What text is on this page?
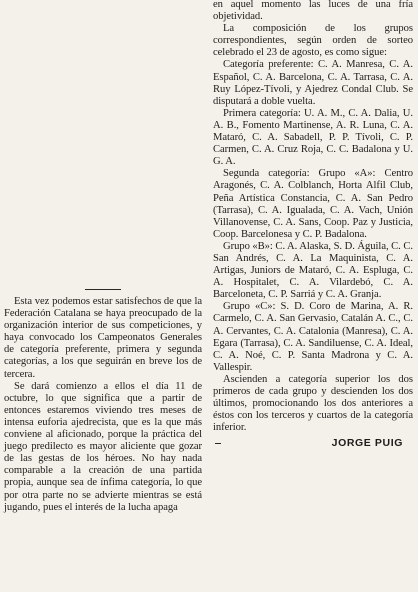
Esta vez podemos estar satisfechos de que la Federación Catalana se haya preocupado de la organización interior de sus competiciones, y haya convocado los Campeonatos Generales de categoría preferente, primera y segunda categorías, a los que seguirán en breve los de tercera.

Se dará comienzo a ellos el día 11 de octubre, lo que significa que a partir de entonces estaremos viviendo tres meses de intensa euforia ajedrecista, que es la que más conviene al aficionado, porque la práctica del juego predilecto es mayor aliciente que gozar de las gestas de los héroes. No hay nada comparable a la creación de una partida propia, aunque sea de ínfima categoría, lo que por otra parte no se advierte mientras se está jugando, pues el interés de la lucha apaga

en aquel momento las luces de una fría objetividad.

La composición de los grupos correspondientes, según orden de sorteo celebrado el 23 de agosto, es como sigue:

Categoría preferente: C. A. Manresa, C. A. Español, C. A. Barcelona, C. A. Tarrasa, C. A. Ruy López-Tívoli, y Ajedrez Condal Club. Se disputará a doble vuelta.

Primera categoría: U. A. M., C. A. Dalia, U. A. B., Fomento Martinense, A. R. Luna, C. A. Mataró, C. A. Sabadell, P. P. Tívoli, C. P. Carmen, C. A. Cruz Roja, C. C. Badalona y U. G. A.

Segunda categoría: Grupo «A»: Centro Aragonés, C. A. Colblanch, Horta Alfil Club, Peña Artística Constancia, C. A. San Pedro (Tarrasa), C. A. Igualada, C. A. Vach, Unión Villanovense, C. A. Sans, Coop. Paz y Justicia, Coop. Barcelonesa y C. P. Badalona.

Grupo «B»: C. A. Alaska, S. D. Águila, C. C. San Andrés, C. A. La Maquinista, C. A. Artigas, Juniors de Mataró, C. A. Espluga, C. A. Hospitalet, C. A. Vilardebó, C. A. Barceloneta, C. P. Sarriá y C. A. Granja.

Grupo «C»: S. D. Coro de Marina, A. R. Carmelo, C. A. San Gervasio, Catalán A. C., C. A. Cervantes, C. A. Catalonia (Manresa), C. A. Egara (Tarrasa), C. A. Sandiluense, C. A. Ideal, C. A. Noé, C. P. Santa Madrona y C. A. Vallespir.

Ascienden a categoría superior los dos primeros de cada grupo y descienden los dos últimos, promocionando los dos anteriores a éstos con los terceros y cuartos de la categoría inferior.

JORGE PUIG
